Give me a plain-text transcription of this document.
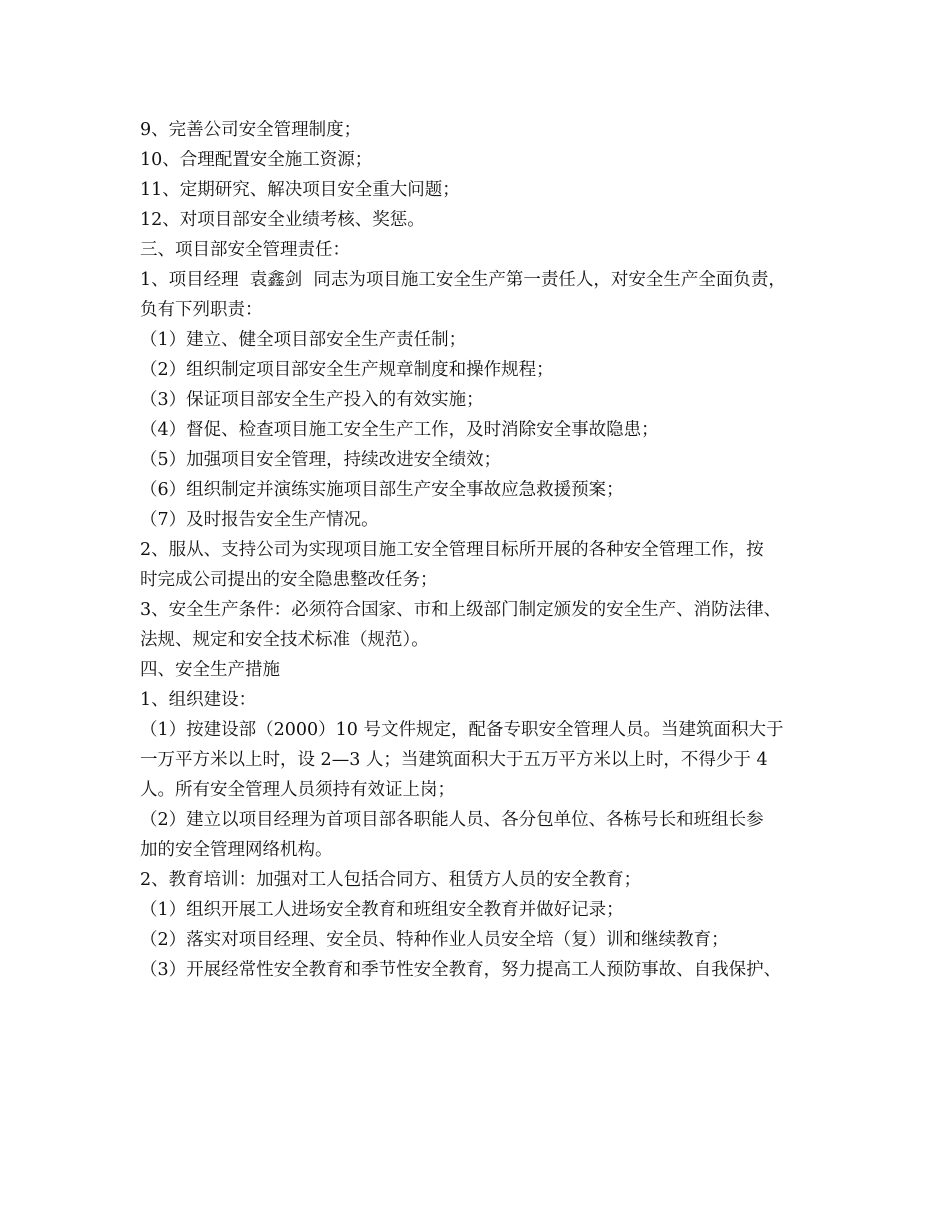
9、完善公司安全管理制度；
10、合理配置安全施工资源；
11、定期研究、解决项目安全重大问题；
12、对项目部安全业绩考核、奖惩。
三、项目部安全管理责任：
1、项目经理  袁鑫剑  同志为项目施工安全生产第一责任人，对安全生产全面负责，
负有下列职责：
（1）建立、健全项目部安全生产责任制；
（2）组织制定项目部安全生产规章制度和操作规程；
（3）保证项目部安全生产投入的有效实施；
（4）督促、检查项目施工安全生产工作，及时消除安全事故隐患；
（5）加强项目安全管理，持续改进安全绩效；
（6）组织制定并演练实施项目部生产安全事故应急救援预案；
（7）及时报告安全生产情况。
2、服从、支持公司为实现项目施工安全管理目标所开展的各种安全管理工作，按
时完成公司提出的安全隐患整改任务；
3、安全生产条件：必须符合国家、市和上级部门制定颁发的安全生产、消防法律、
法规、规定和安全技术标准（规范）。
四、安全生产措施
1、组织建设：
（1）按建设部（2000）10 号文件规定，配备专职安全管理人员。当建筑面积大于
一万平方米以上时，设 2—3 人；当建筑面积大于五万平方米以上时，不得少于 4
人。所有安全管理人员须持有效证上岗；
（2）建立以项目经理为首项目部各职能人员、各分包单位、各栋号长和班组长参
加的安全管理网络机构。
2、教育培训：加强对工人包括合同方、租赁方人员的安全教育；
（1）组织开展工人进场安全教育和班组安全教育并做好记录；
（2）落实对项目经理、安全员、特种作业人员安全培（复）训和继续教育；
（3）开展经常性安全教育和季节性安全教育，努力提高工人预防事故、自我保护、
